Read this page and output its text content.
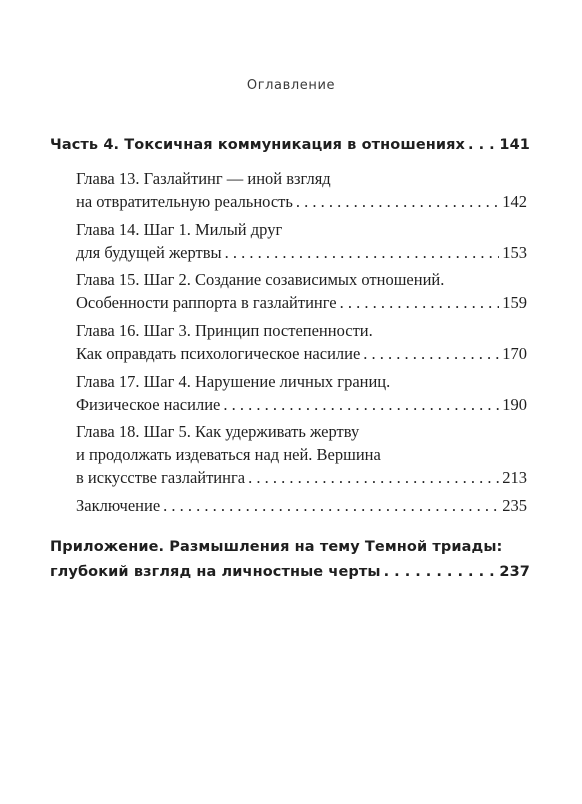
Оглавление
Часть 4. Токсичная коммуникация в отношениях . . . 141
Глава 13. Газлайтинг — иной взгляд
на отвратительную реальность . . .	142
Глава 14. Шаг 1. Милый друг
для будущей жертвы . . .	153
Глава 15. Шаг 2. Создание созависимых отношений.
Особенности раппорта в газлайтинге . . .	159
Глава 16. Шаг 3. Принцип постепенности.
Как оправдать психологическое насилие . . .	170
Глава 17. Шаг 4. Нарушение личных границ.
Физическое насилие . . .	190
Глава 18. Шаг 5. Как удерживать жертву
и продолжать издеваться над ней. Вершина
в искусстве газлайтинга . . .	213
Заключение . . .	235
Приложение. Размышления на тему Темной триады:
глубокий взгляд на личностные черты . . .	237
